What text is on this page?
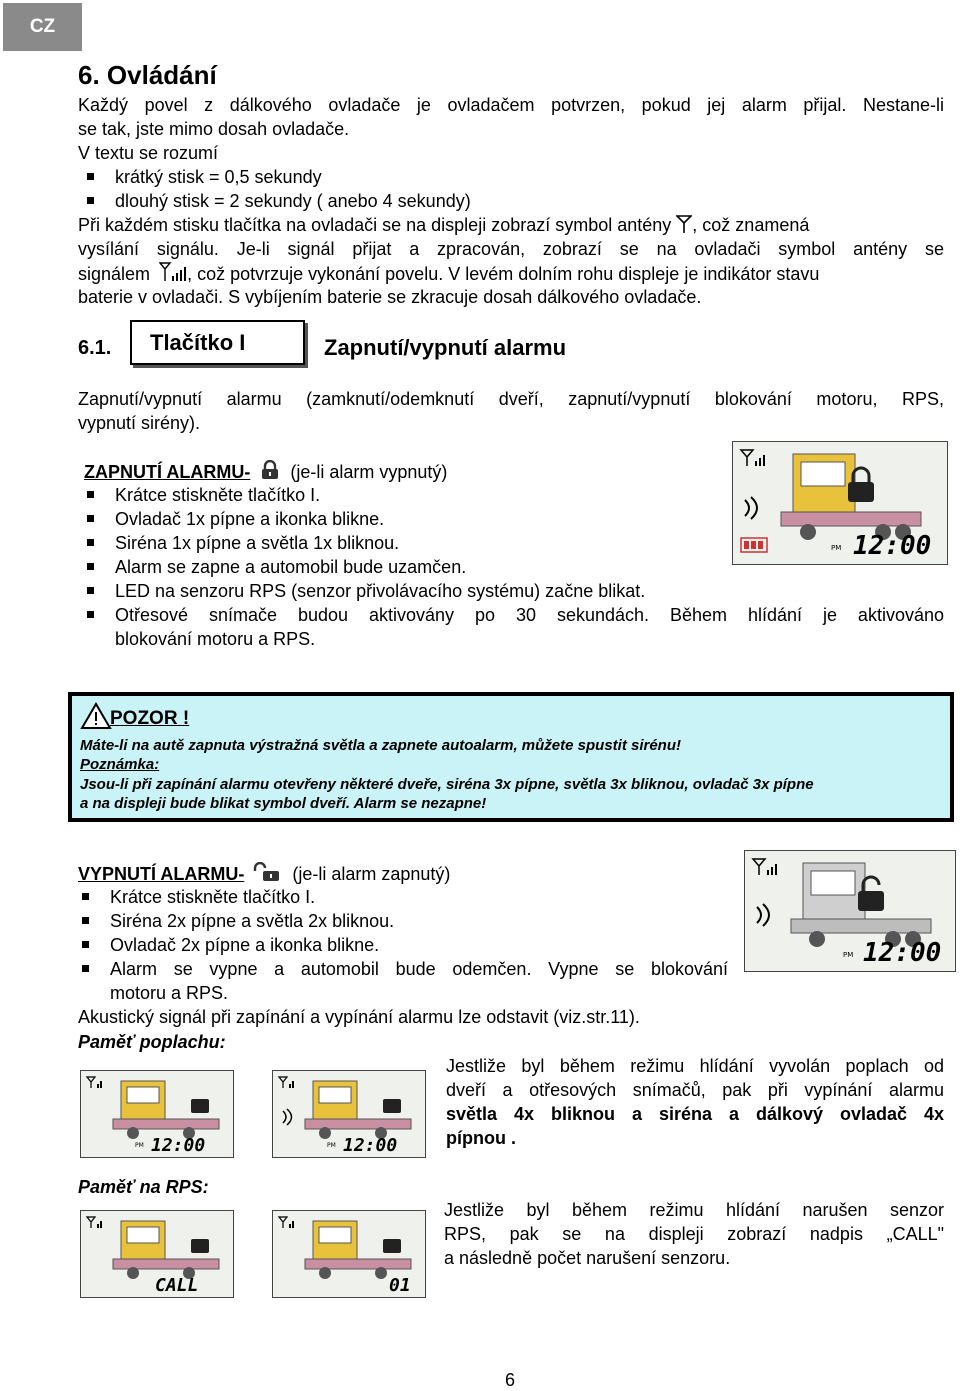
CZ
6. Ovládání
Každý povel z dálkového ovladače je ovladačem potvrzen, pokud jej alarm přijal. Nestane-li
se tak, jste mimo dosah ovladače.
V textu se rozumí
krátký stisk = 0,5 sekundy
dlouhý stisk = 2 sekundy ( anebo 4 sekundy)
Při každém stisku tlačítka na ovladači se na displeji zobrazí symbol antény , což znamená
vysílání signálu. Je-li signál přijat a zpracován, zobrazí se na ovladači symbol antény se
signálem , což potvrzuje vykonání povelu. V levém dolním rohu displeje je indikátor stavu
baterie v ovladači. S vybíjením baterie se zkracuje dosah dálkového ovladače.
6.1.	Tlačítko I	Zapnutí/vypnutí alarmu
Zapnutí/vypnutí alarmu (zamknutí/odemknutí dveří, zapnutí/vypnutí blokování motoru, RPS,
vypnutí sirény).
ZAPNUTÍ ALARMU- (je-li alarm vypnutý)
Krátce stiskněte tlačítko I.
Ovladač 1x pípne a ikonka blikne.
Siréna 1x pípne a světla 1x bliknou.
Alarm se zapne a automobil bude uzamčen.
LED na senzoru RPS (senzor přivolávacího systému) začne blikat.
Otřesové snímače budou aktivovány po 30 sekundách. Během hlídání je aktivováno
blokování motoru a RPS.
PM 12:00
POZOR !
Máte-li na autě zapnuta výstražná světla a zapnete autoalarm, můžete spustit sirénu!
Poznámka:
Jsou-li při zapínání alarmu otevřeny některé dveře, siréna 3x pípne, světla 3x bliknou, ovladač 3x pípne
a na displeji bude blikat symbol dveří. Alarm se nezapne!
VYPNUTÍ ALARMU-	(je-li alarm zapnutý)
Krátce stiskněte tlačítko I.
Siréna 2x pípne a světla 2x bliknou.
Ovladač 2x pípne a ikonka blikne.
Alarm se vypne a automobil bude odemčen. Vypne se blokování
motoru a RPS.
Akustický signál při zapínání a vypínání alarmu lze odstavit (viz.str.11).
PM 12:00
Paměť poplachu:
Jestliže byl během režimu hlídání vyvolán poplach od
dveří a otřesových snímačů, pak při vypínání alarmu
světla 4x bliknou a siréna a dálkový ovladač 4x
pípnou .
PM 12:00	PM 12:00
Paměť na RPS:
Jestliže byl během režimu hlídání narušen senzor
RPS, pak se na displeji zobrazí nadpis „CALL"
a následně počet narušení senzoru.
CALL	01
6
